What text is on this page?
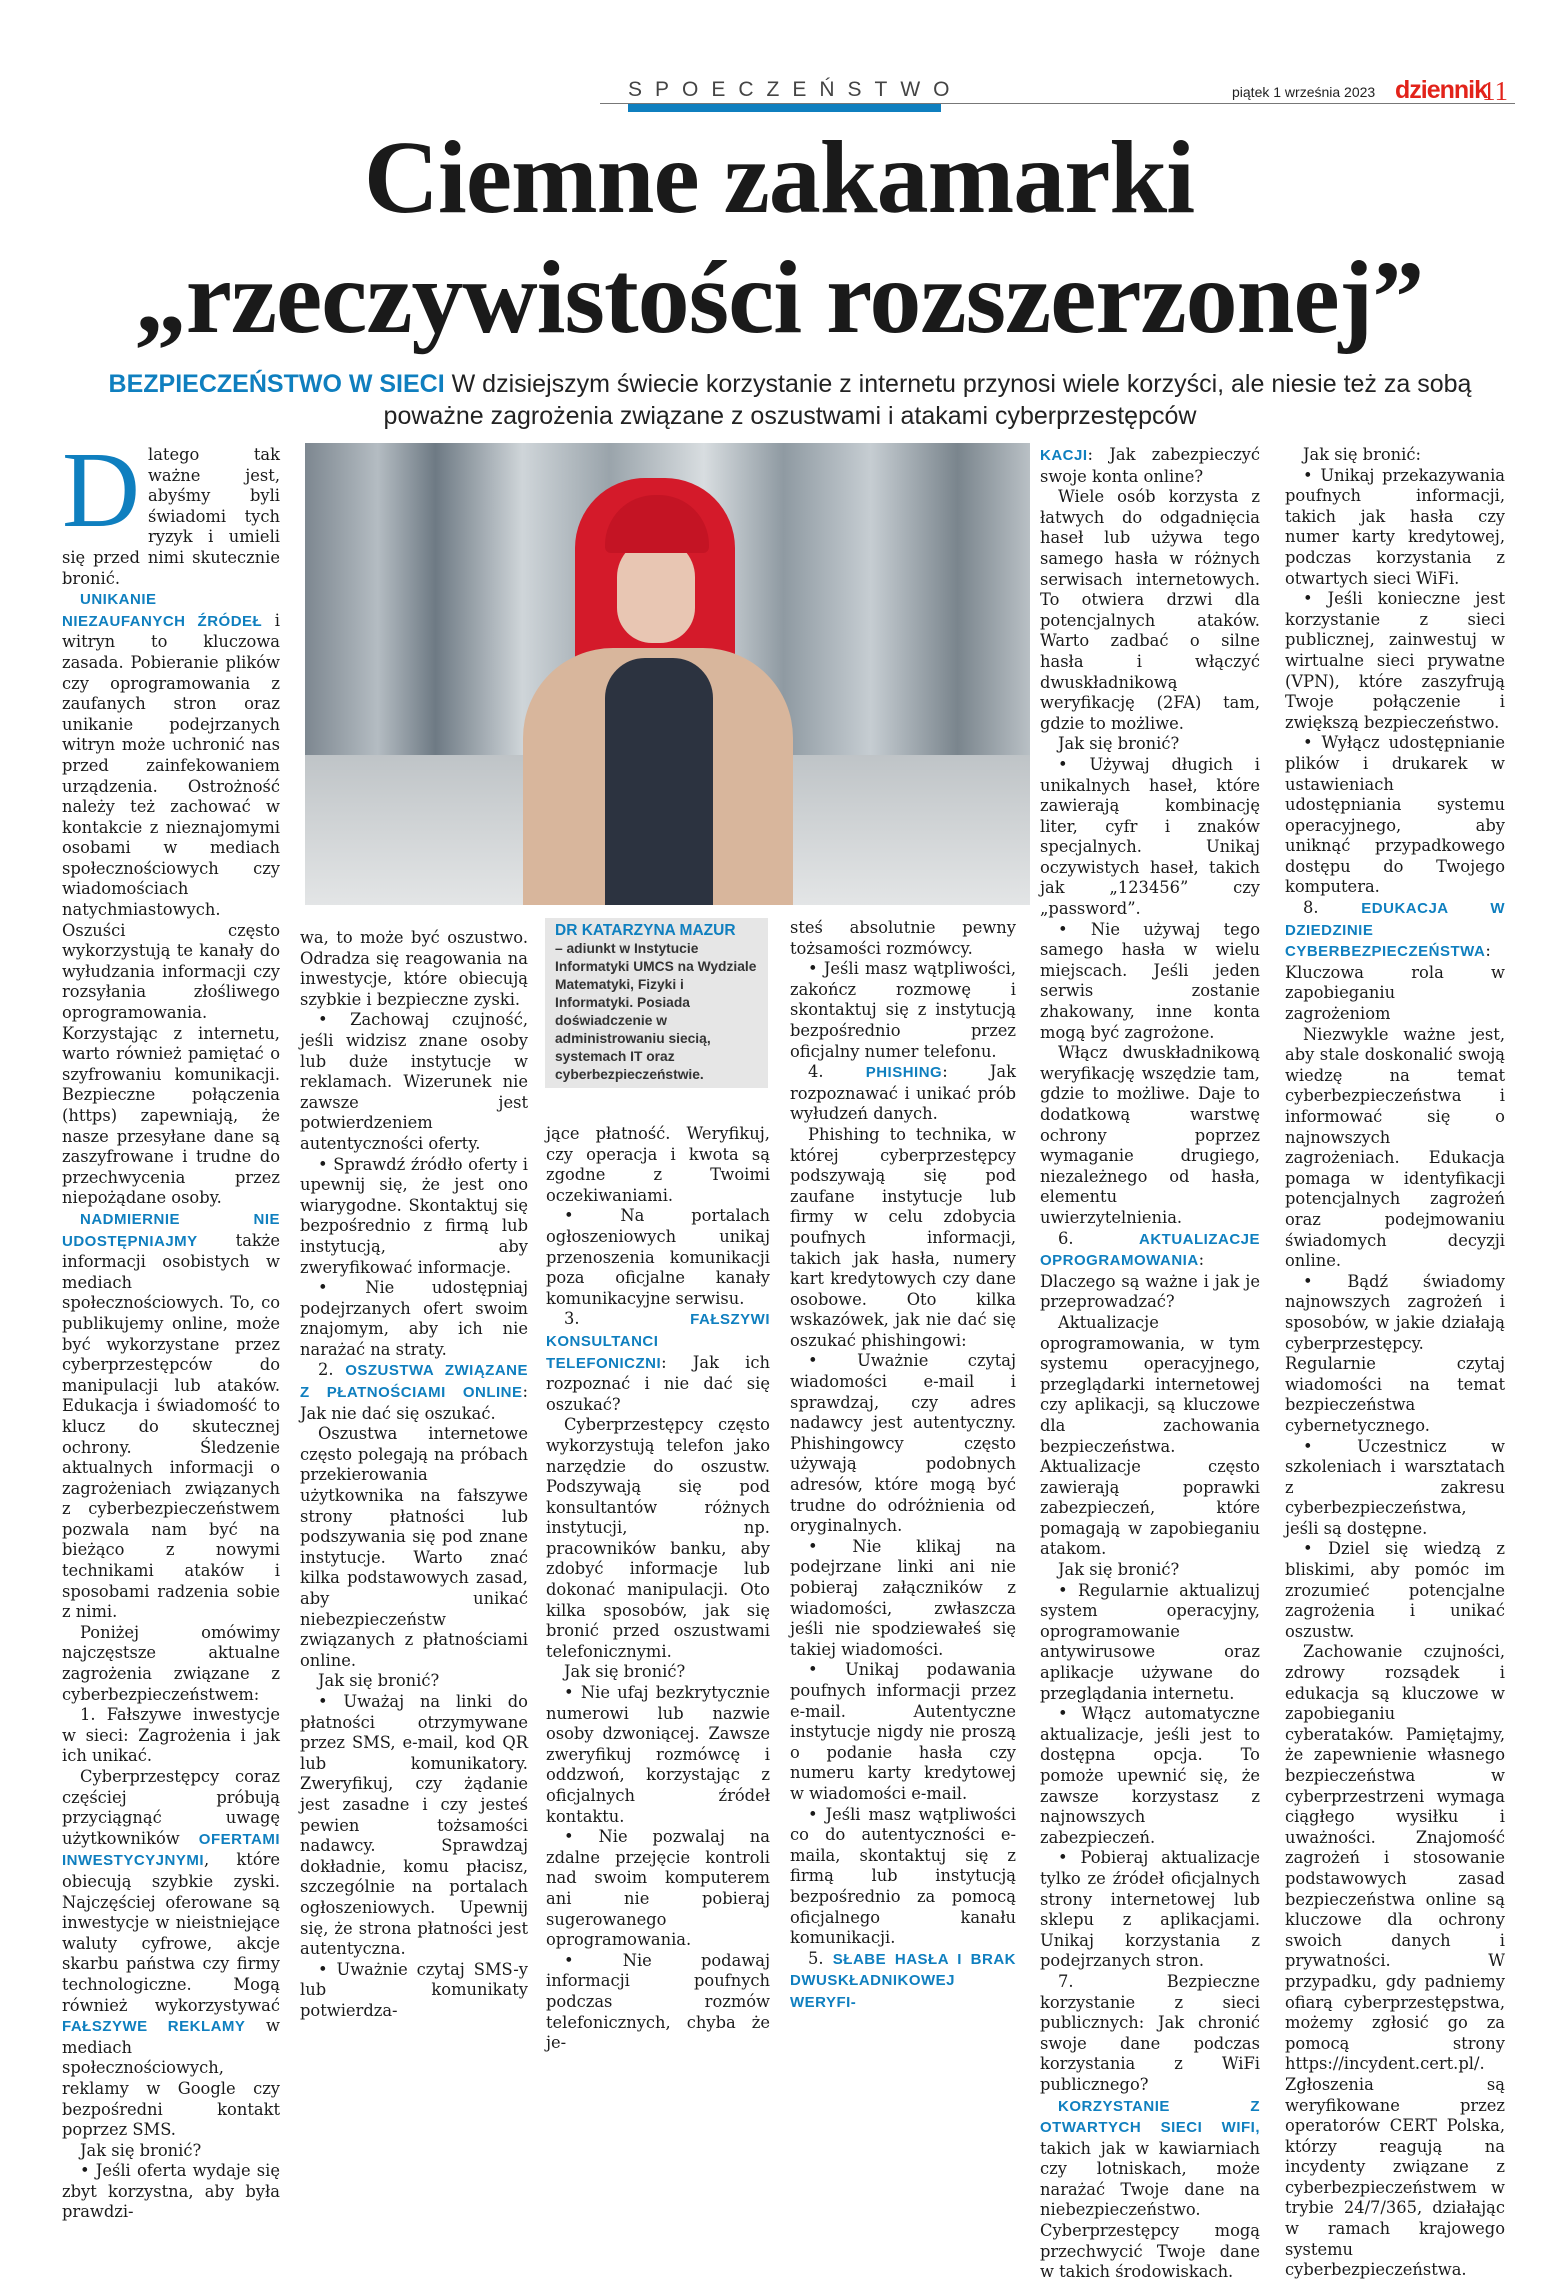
SPOECZEŃSTWO	piątek 1 września 2023 dziennik
11
Ciemne zakamarki
„rzeczywistości rozszerzonej”
BEZPIECZEŃSTWO W SIECI W dzisiejszym świecie korzystanie z internetu przynosi wiele korzyści, ale niesie też za sobą poważne zagrożenia związane z oszustwami i atakami cyberprzestępców
DR KATARZYNA MAZUR
– adiunkt w Instytucie Informatyki UMCS na Wydziale Matematyki, Fizyki i Informatyki. Posiada doświadczenie w administrowaniu siecią, systemach IT oraz cyberbezpieczeństwie.

Dlatego tak ważne jest, abyśmy byli świadomi tych ryzyk i umieli się przed nimi skutecznie bronić.

UNIKANIE NIEZAUFANYCH ŹRÓDEŁ i witryn to kluczowa zasada. Pobieranie plików czy oprogramowania z zaufanych stron oraz unikanie podejrzanych witryn może uchronić nas przed zainfekowaniem urządzenia. Ostrożność należy też zachować w kontakcie z nieznajomymi osobami w mediach społecznościowych czy wiadomościach natychmiastowych. Oszuści często wykorzystują te kanały do wyłudzania informacji czy rozsyłania złośliwego oprogramowania. Korzystając z internetu, warto również pamiętać o szyfrowaniu komunikacji. Bezpieczne połączenia (https) zapewniają, że nasze przesyłane dane są zaszyfrowane i trudne do przechwycenia przez niepożądane osoby.

NADMIERNIE NIE UDOSTĘPNIAJMY także informacji osobistych w mediach społecznościowych. To, co publikujemy online, może być wykorzystane przez cyberprzestępców do manipulacji lub ataków. Edukacja i świadomość to klucz do skutecznej ochrony. Śledzenie aktualnych informacji o zagrożeniach związanych z cyberbezpieczeństwem pozwala nam być na bieżąco z nowymi technikami ataków i sposobami radzenia sobie z nimi.

Poniżej omówimy najczęstsze aktualne zagrożenia związane z cyberbezpieczeństwem:

1. Fałszywe inwestycje w sieci: Zagrożenia i jak ich unikać.

Cyberprzestępcy coraz częściej próbują przyciągnąć uwagę użytkowników OFERTAMI INWESTYCYJNYMI, które obiecują szybkie zyski. Najczęściej oferowane są inwestycje w nieistniejące waluty cyfrowe, akcje skarbu państwa czy firmy technologiczne. Mogą również wykorzystywać FAŁSZYWE REKLAMY w mediach społecznościowych, reklamy w Google czy bezpośredni kontakt poprzez SMS.

Jak się bronić?

• Jeśli oferta wydaje się zbyt korzystna, aby była prawdzi-

wa, to może być oszustwo. Odradza się reagowania na inwestycje, które obiecują szybkie i bezpieczne zyski.

• Zachowaj czujność, jeśli widzisz znane osoby lub duże instytucje w reklamach. Wizerunek nie zawsze jest potwierdzeniem autentyczności oferty.

• Sprawdź źródło oferty i upewnij się, że jest ono wiarygodne. Skontaktuj się bezpośrednio z firmą lub instytucją, aby zweryfikować informacje.

• Nie udostępniaj podejrzanych ofert swoim znajomym, aby ich nie narażać na straty.

2. OSZUSTWA ZWIĄZANE Z PŁATNOŚCIAMI ONLINE: Jak nie dać się oszukać.

Oszustwa internetowe często polegają na próbach przekierowania użytkownika na fałszywe strony płatności lub podszywania się pod znane instytucje. Warto znać kilka podstawowych zasad, aby unikać niebezpieczeństw związanych z płatnościami online.

Jak się bronić?

• Uważaj na linki do płatności otrzymywane przez SMS, e-mail, kod QR lub komunikatory. Zweryfikuj, czy żądanie jest zasadne i czy jesteś pewien tożsamości nadawcy. Sprawdzaj dokładnie, komu płacisz, szczególnie na portalach ogłoszeniowych. Upewnij się, że strona płatności jest autentyczna.

• Uważnie czytaj SMS-y lub komunikaty potwierdza-

jące płatność. Weryfikuj, czy operacja i kwota są zgodne z Twoimi oczekiwaniami.

• Na portalach ogłoszeniowych unikaj przenoszenia komunikacji poza oficjalne kanały komunikacyjne serwisu.

3. FAŁSZYWI KONSULTANCI TELEFONICZNI: Jak ich rozpoznać i nie dać się oszukać?

Cyberprzestępcy często wykorzystują telefon jako narzędzie do oszustw. Podszywają się pod konsultantów różnych instytucji, np. pracowników banku, aby zdobyć informacje lub dokonać manipulacji. Oto kilka sposobów, jak się bronić przed oszustwami telefonicznymi.

Jak się bronić?

• Nie ufaj bezkrytycznie numerowi lub nazwie osoby dzwoniącej. Zawsze zweryfikuj rozmówcę i oddzwoń, korzystając z oficjalnych źródeł kontaktu.

• Nie pozwalaj na zdalne przejęcie kontroli nad swoim komputerem ani nie pobieraj sugerowanego oprogramowania.

• Nie podawaj informacji poufnych podczas rozmów telefonicznych, chyba że je-

steś absolutnie pewny tożsamości rozmówcy.

• Jeśli masz wątpliwości, zakończ rozmowę i skontaktuj się z instytucją bezpośrednio przez oficjalny numer telefonu.

4. PHISHING: Jak rozpoznawać i unikać prób wyłudzeń danych.

Phishing to technika, w której cyberprzestępcy podszywają się pod zaufane instytucje lub firmy w celu zdobycia poufnych informacji, takich jak hasła, numery kart kredytowych czy dane osobowe. Oto kilka wskazówek, jak nie dać się oszukać phishingowi:

• Uważnie czytaj wiadomości e-mail i sprawdzaj, czy adres nadawcy jest autentyczny. Phishingowcy często używają podobnych adresów, które mogą być trudne do odróżnienia od oryginalnych.

• Nie klikaj na podejrzane linki ani nie pobieraj załączników z wiadomości, zwłaszcza jeśli nie spodziewałeś się takiej wiadomości.

• Unikaj podawania poufnych informacji przez e-mail. Autentyczne instytucje nigdy nie proszą o podanie hasła czy numeru karty kredytowej w wiadomości e-mail.

• Jeśli masz wątpliwości co do autentyczności e-maila, skontaktuj się z firmą lub instytucją bezpośrednio za pomocą oficjalnego kanału komunikacji.

5. SŁABE HASŁA I BRAK DWUSKŁADNIKOWEJ WERYFI-

KACJI: Jak zabezpieczyć swoje konta online?

Wiele osób korzysta z łatwych do odgadnięcia haseł lub używa tego samego hasła w różnych serwisach internetowych. To otwiera drzwi dla potencjalnych ataków. Warto zadbać o silne hasła i włączyć dwuskładnikową weryfikację (2FA) tam, gdzie to możliwe.

Jak się bronić?

• Używaj długich i unikalnych haseł, które zawierają kombinację liter, cyfr i znaków specjalnych. Unikaj oczywistych haseł, takich jak „123456” czy „password”.

• Nie używaj tego samego hasła w wielu miejscach. Jeśli jeden serwis zostanie zhakowany, inne konta mogą być zagrożone.

Włącz dwuskładnikową weryfikację wszędzie tam, gdzie to możliwe. Daje to dodatkową warstwę ochrony poprzez wymaganie drugiego, niezależnego od hasła, elementu uwierzytelnienia.

6. AKTUALIZACJE OPROGRAMOWANIA: Dlaczego są ważne i jak je przeprowadzać?

Aktualizacje oprogramowania, w tym systemu operacyjnego, przeglądarki internetowej czy aplikacji, są kluczowe dla zachowania bezpieczeństwa. Aktualizacje często zawierają poprawki zabezpieczeń, które pomagają w zapobieganiu atakom.

Jak się bronić?

• Regularnie aktualizuj system operacyjny, oprogramowanie antywirusowe oraz aplikacje używane do przeglądania internetu.

• Włącz automatyczne aktualizacje, jeśli jest to dostępna opcja. To pomoże upewnić się, że zawsze korzystasz z najnowszych zabezpieczeń.

• Pobieraj aktualizacje tylko ze źródeł oficjalnych strony internetowej lub sklepu z aplikacjami. Unikaj korzystania z podejrzanych stron.

7. Bezpieczne korzystanie z sieci publicznych: Jak chronić swoje dane podczas korzystania z WiFi publicznego?

KORZYSTANIE Z OTWARTYCH SIECI WIFI, takich jak w kawiarniach czy lotniskach, może narażać Twoje dane na niebezpieczeństwo. Cyberprzestępcy mogą przechwycić Twoje dane w takich środowiskach.

Jak się bronić:

• Unikaj przekazywania poufnych informacji, takich jak hasła czy numer karty kredytowej, podczas korzystania z otwartych sieci WiFi.

• Jeśli konieczne jest korzystanie z sieci publicznej, zainwestuj w wirtualne sieci prywatne (VPN), które zaszyfrują Twoje połączenie i zwiększą bezpieczeństwo.

• Wyłącz udostępnianie plików i drukarek w ustawieniach udostępniania systemu operacyjnego, aby uniknąć przypadkowego dostępu do Twojego komputera.

8. EDUKACJA W DZIEDZINIE CYBERBEZPIECZEŃSTWA: Kluczowa rola w zapobieganiu zagrożeniom

Niezwykle ważne jest, aby stale doskonalić swoją wiedzę na temat cyberbezpieczeństwa i informować się o najnowszych zagrożeniach. Edukacja pomaga w identyfikacji potencjalnych zagrożeń oraz podejmowaniu świadomych decyzji online.

• Bądź świadomy najnowszych zagrożeń i sposobów, w jakie działają cyberprzestępcy. Regularnie czytaj wiadomości na temat bezpieczeństwa cybernetycznego.

• Uczestnicz w szkoleniach i warsztatach z zakresu cyberbezpieczeństwa, jeśli są dostępne.

• Dziel się wiedzą z bliskimi, aby pomóc im zrozumieć potencjalne zagrożenia i unikać oszustw.

Zachowanie czujności, zdrowy rozsądek i edukacja są kluczowe w zapobieganiu cyberataków. Pamiętajmy, że zapewnienie własnego bezpieczeństwa w cyberprzestrzeni wymaga ciągłego wysiłku i uważności. Znajomość zagrożeń i stosowanie podstawowych zasad bezpieczeństwa online są kluczowe dla ochrony swoich danych i prywatności. W przypadku, gdy padniemy ofiarą cyberprzestępstwa, możemy zgłosić go za pomocą strony https://incydent.cert.pl/. Zgłoszenia są weryfikowane przez operatorów CERT Polska, którzy reagują na incydenty związane z cyberbezpieczeństwem w trybie 24/7/365, działając w ramach krajowego systemu cyberbezpieczeństwa.
